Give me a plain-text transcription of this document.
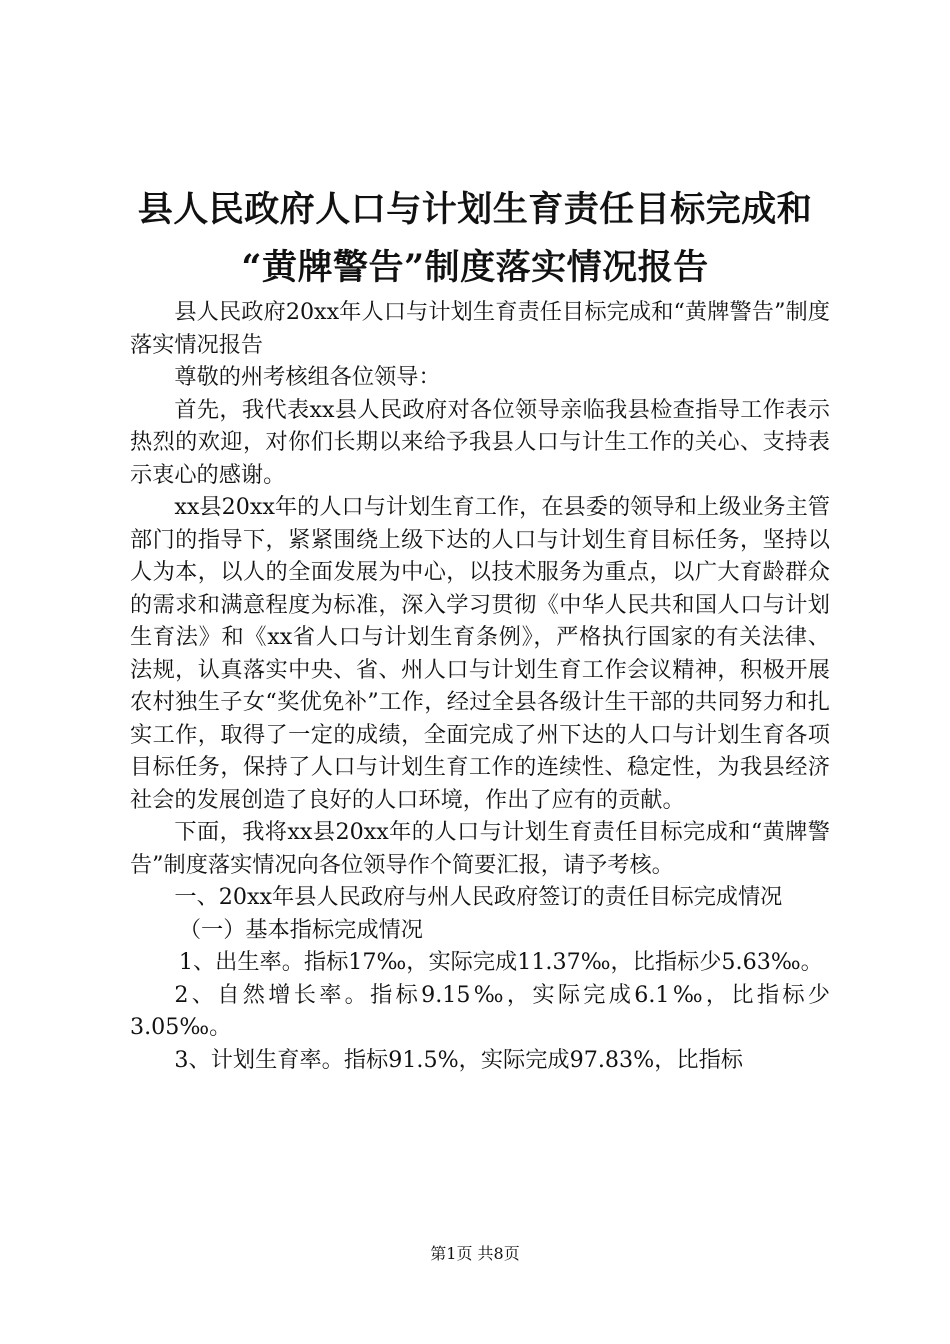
县人民政府人口与计划生育责任目标完成和
“黄牌警告”制度落实情况报告

县人民政府20xx年人口与计划生育责任目标完成和“黄牌警告”制度落实情况报告

尊敬的州考核组各位领导：

首先，我代表xx县人民政府对各位领导亲临我县检查指导工作表示热烈的欢迎，对你们长期以来给予我县人口与计生工作的关心、支持表示衷心的感谢。

xx县20xx年的人口与计划生育工作，在县委的领导和上级业务主管部门的指导下，紧紧围绕上级下达的人口与计划生育目标任务，坚持以人为本，以人的全面发展为中心，以技术服务为重点，以广大育龄群众的需求和满意程度为标准，深入学习贯彻《中华人民共和国人口与计划生育法》和《xx省人口与计划生育条例》，严格执行国家的有关法律、法规，认真落实中央、省、州人口与计划生育工作会议精神，积极开展农村独生子女“奖优免补”工作，经过全县各级计生干部的共同努力和扎实工作，取得了一定的成绩，全面完成了州下达的人口与计划生育各项目标任务，保持了人口与计划生育工作的连续性、稳定性，为我县经济社会的发展创造了良好的人口环境，作出了应有的贡献。

下面，我将xx县20xx年的人口与计划生育责任目标完成和“黄牌警告”制度落实情况向各位领导作个简要汇报，请予考核。

一、20xx年县人民政府与州人民政府签订的责任目标完成情况

（一）基本指标完成情况

1、出生率。指标17‰，实际完成11.37‰，比指标少5.63‰。

2、自然增长率。指标9.15‰，实际完成6.1‰，比指标少3.05‰。

3、计划生育率。指标91.5%，实际完成97.83%，比指标

第1页 共8页
